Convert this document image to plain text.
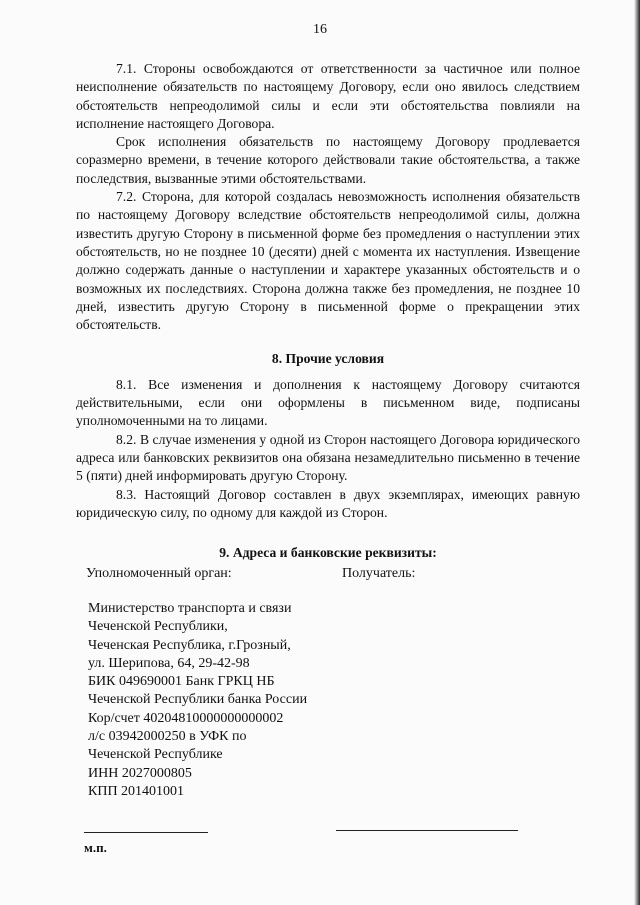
16

7.1. Стороны освобождаются от ответственности за частичное или полное неисполнение обязательств по настоящему Договору, если оно явилось следствием обстоятельств непреодолимой силы и если эти обстоятельства повлияли на исполнение настоящего Договора.

Срок исполнения обязательств по настоящему Договору продлевается соразмерно времени, в течение которого действовали такие обстоятельства, а также последствия, вызванные этими обстоятельствами.

7.2. Сторона, для которой создалась невозможность исполнения обязательств по настоящему Договору вследствие обстоятельств непреодолимой силы, должна известить другую Сторону в письменной форме без промедления о наступлении этих обстоятельств, но не позднее 10 (десяти) дней с момента их наступления. Извещение должно содержать данные о наступлении и характере указанных обстоятельств и о возможных их последствиях. Сторона должна также без промедления, не позднее 10 дней, известить другую Сторону в письменной форме о прекращении этих обстоятельств.

8. Прочие условия

8.1. Все изменения и дополнения к настоящему Договору считаются действительными, если они оформлены в письменном виде, подписаны уполномоченными на то лицами.

8.2. В случае изменения у одной из Сторон настоящего Договора юридического адреса или банковских реквизитов она обязана незамедлительно письменно в течение 5 (пяти) дней информировать другую Сторону.

8.3. Настоящий Договор составлен в двух экземплярах, имеющих равную юридическую силу, по одному для каждой из Сторон.

9. Адреса и банковские реквизиты:

Уполномоченный орган:	Получатель:
Министерство транспорта и связи
Чеченской Республики,
Чеченская Республика, г.Грозный,
ул. Шерипова, 64, 29-42-98
БИК 049690001 Банк ГРКЦ НБ
Чеченской Республики банка России
Кор/счет 40204810000000000002
л/с 03942000250 в УФК по
Чеченской Республике
ИНН 2027000805
КПП 201401001
м.п.
